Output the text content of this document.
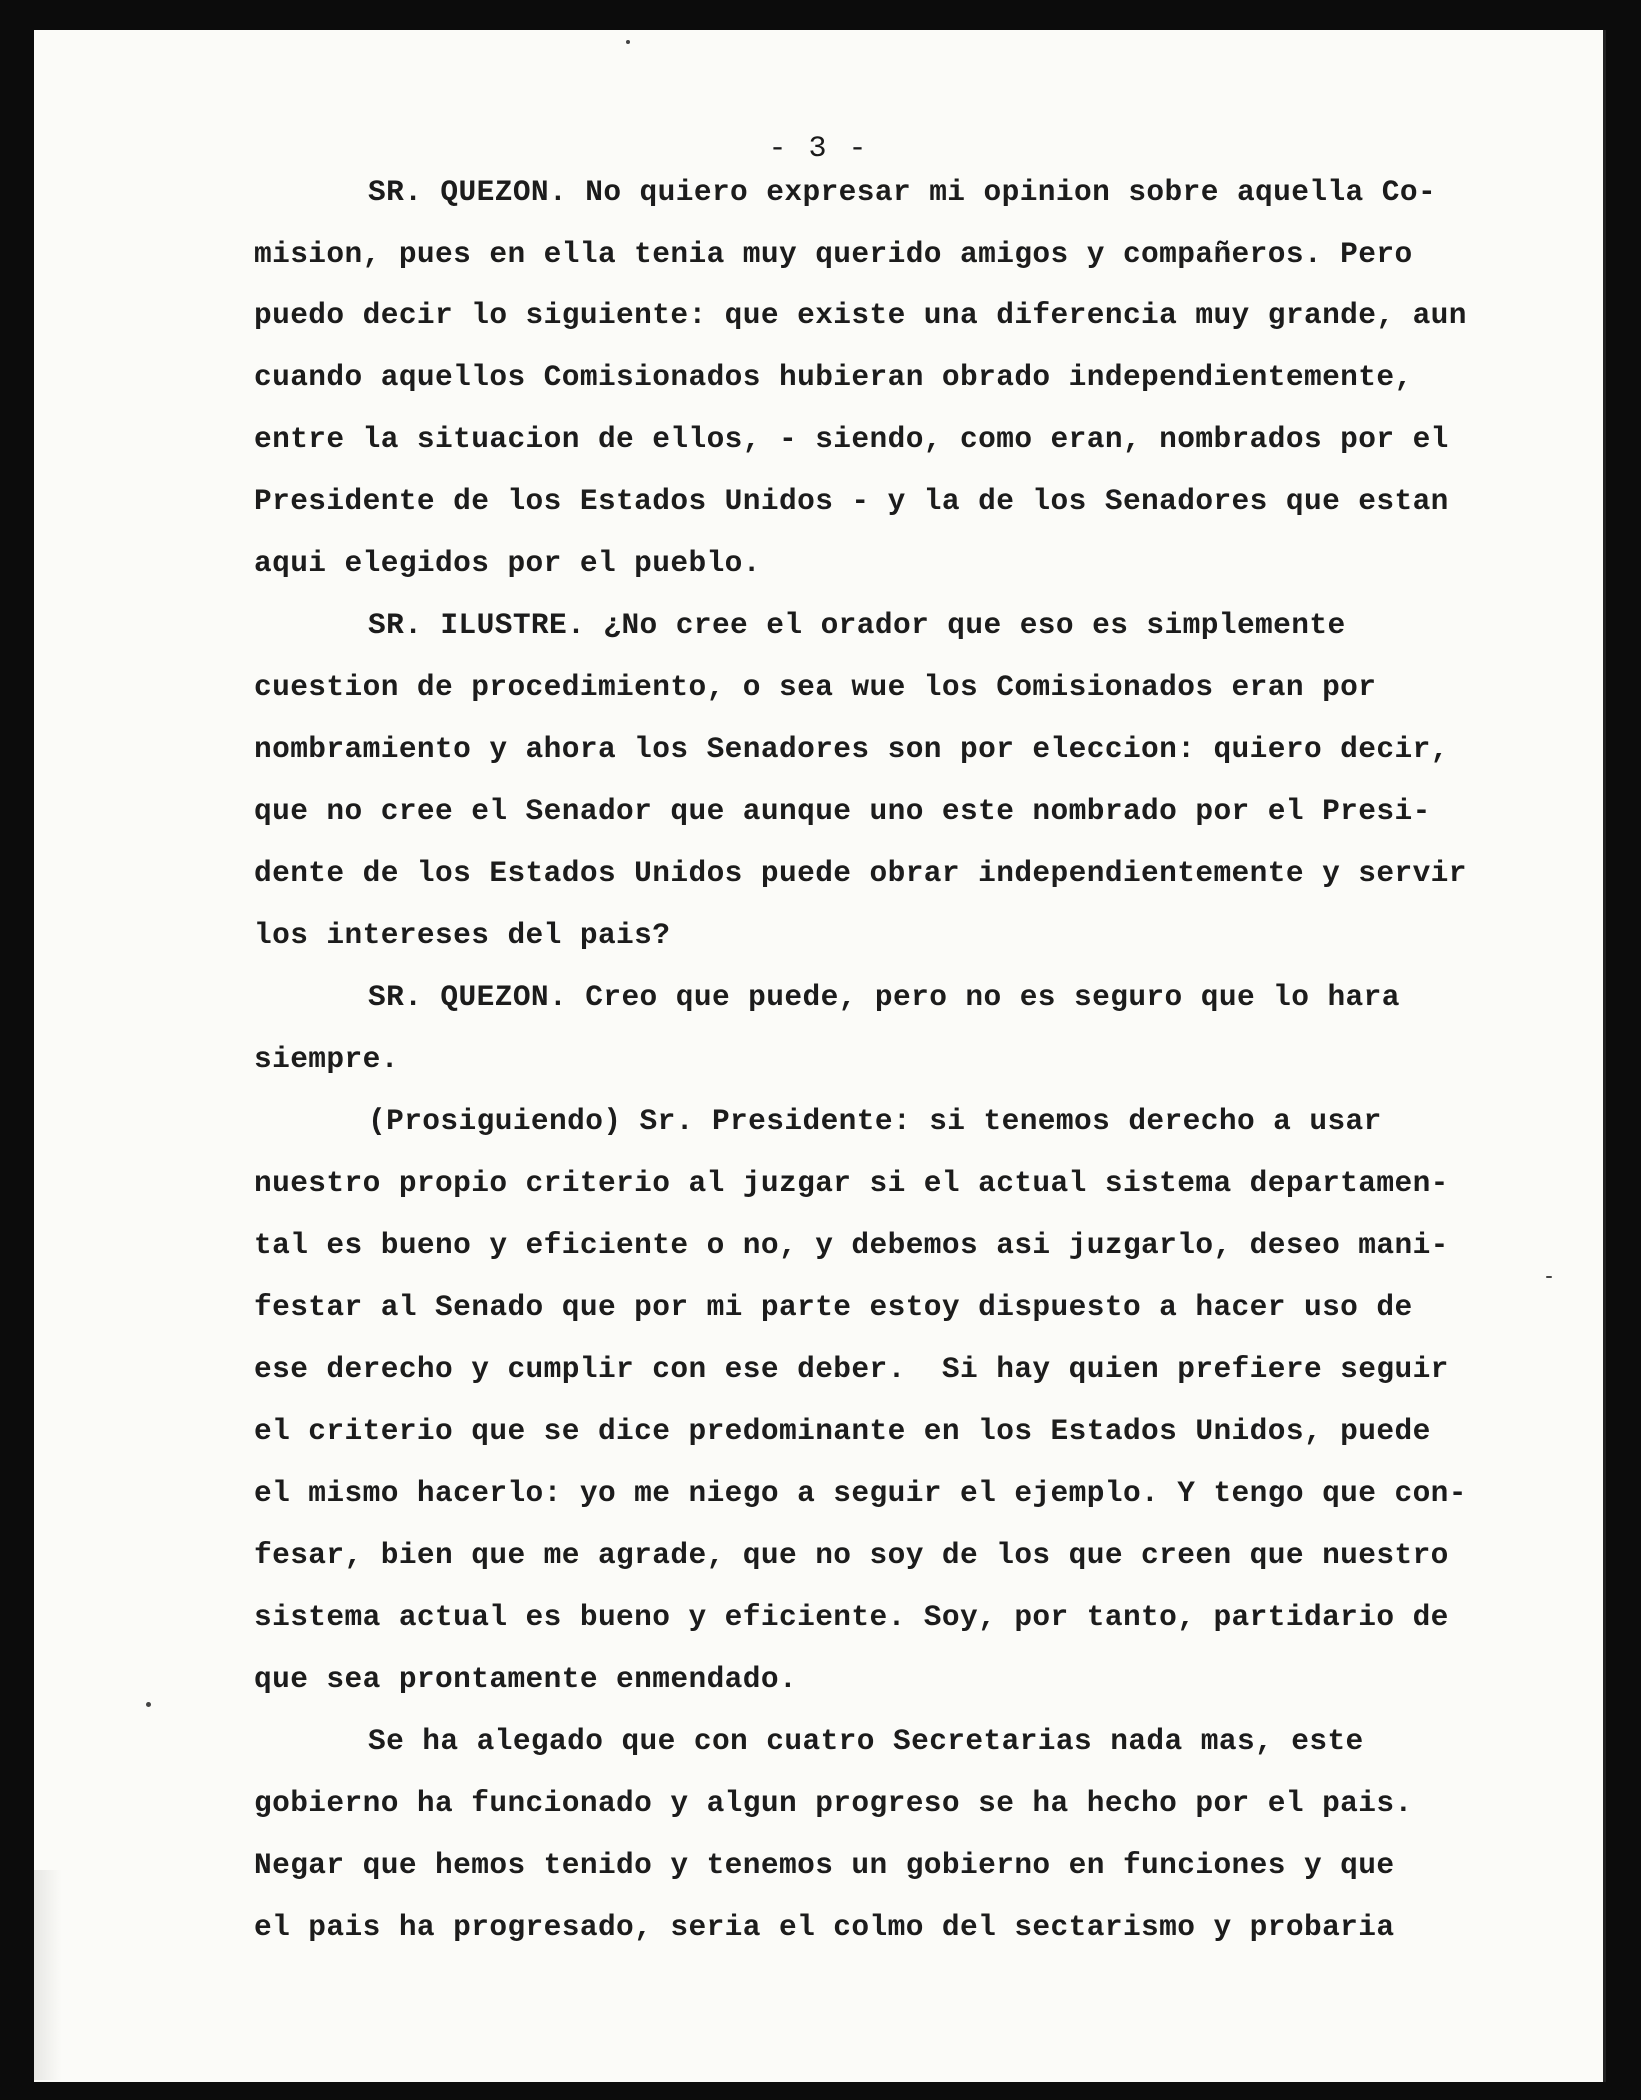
- 3 -
SR. QUEZON. No quiero expresar mi opinion sobre aquella Co-
mision, pues en ella tenia muy querido amigos y compañeros. Pero
puedo decir lo siguiente: que existe una diferencia muy grande, aun
cuando aquellos Comisionados hubieran obrado independientemente,
entre la situacion de ellos, - siendo, como eran, nombrados por el
Presidente de los Estados Unidos - y la de los Senadores que estan
aqui elegidos por el pueblo.
SR. ILUSTRE. ¿No cree el orador que eso es simplemente
cuestion de procedimiento, o sea wue los Comisionados eran por
nombramiento y ahora los Senadores son por eleccion: quiero decir,
que no cree el Senador que aunque uno este nombrado por el Presi-
dente de los Estados Unidos puede obrar independientemente y servir
los intereses del pais?
SR. QUEZON. Creo que puede, pero no es seguro que lo hara
siempre.
(Prosiguiendo) Sr. Presidente: si tenemos derecho a usar
nuestro propio criterio al juzgar si el actual sistema departamen-
tal es bueno y eficiente o no, y debemos asi juzgarlo, deseo mani-
festar al Senado que por mi parte estoy dispuesto a hacer uso de
ese derecho y cumplir con ese deber.  Si hay quien prefiere seguir
el criterio que se dice predominante en los Estados Unidos, puede
el mismo hacerlo: yo me niego a seguir el ejemplo. Y tengo que con-
fesar, bien que me agrade, que no soy de los que creen que nuestro
sistema actual es bueno y eficiente. Soy, por tanto, partidario de
que sea prontamente enmendado.
Se ha alegado que con cuatro Secretarias nada mas, este
gobierno ha funcionado y algun progreso se ha hecho por el pais.
Negar que hemos tenido y tenemos un gobierno en funciones y que
el pais ha progresado, seria el colmo del sectarismo y probaria
